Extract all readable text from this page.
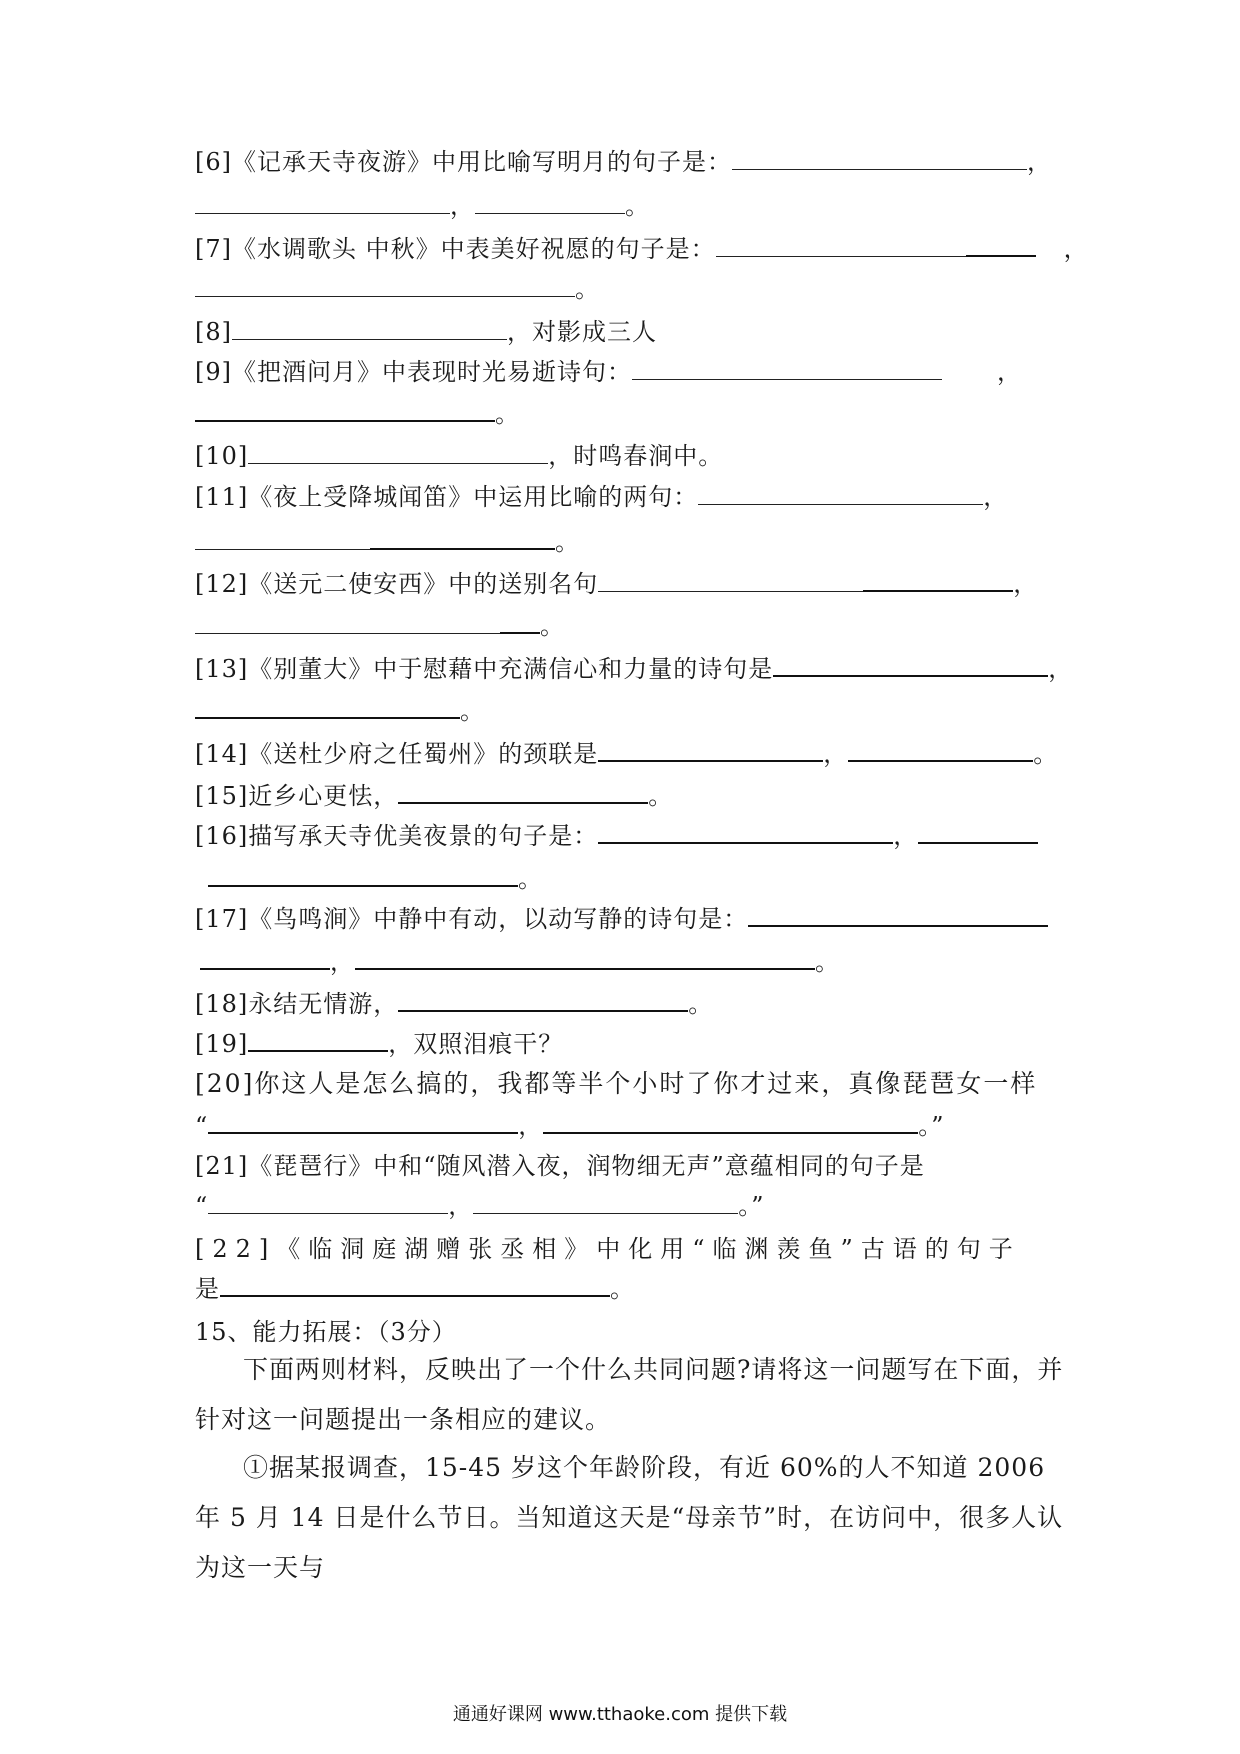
[6]《记承天寺夜游》中用比喻写明月的句子是：	，
，	。
[7]《水调歌头 中秋》中表美好祝愿的句子是：	，
。
[8]	，对影成三人
[9]《把酒问月》中表现时光易逝诗句：	，
。
[10]	，时鸣春涧中。
[11]《夜上受降城闻笛》中运用比喻的两句：	，
。
[12]《送元二使安西》中的送别名句	，
。
[13]《别董大》中于慰藉中充满信心和力量的诗句是	，
。
[14]《送杜少府之任蜀州》的颈联是	，	。
[15]近乡心更怯，	。
[16]描写承天寺优美夜景的句子是：	，
。
[17]《鸟鸣涧》中静中有动，以动写静的诗句是：
，	。
[18]永结无情游，	。
[19]	，双照泪痕干？
[20]你这人是怎么搞的，我都等半个小时了你才过来，真像琵琶女一样
“	，	。”
[21]《琵琶行》中和“随风潜入夜，润物细无声”意蕴相同的句子是
“	，	。”
[22]《临洞庭湖赠张丞相》中化用“临渊羡鱼”古语的句子
是	。
15、能力拓展：（3分）
下面两则材料，反映出了一个什么共同问题?请将这一问题写在下面，并针对这一问题提出一条相应的建议。
①据某报调查，15-45 岁这个年龄阶段，有近 60%的人不知道 2006 年 5 月 14 日是什么节日。当知道这天是“母亲节”时，在访问中，很多人认为这一天与
通通好课网 www.tthaoke.com 提供下载
